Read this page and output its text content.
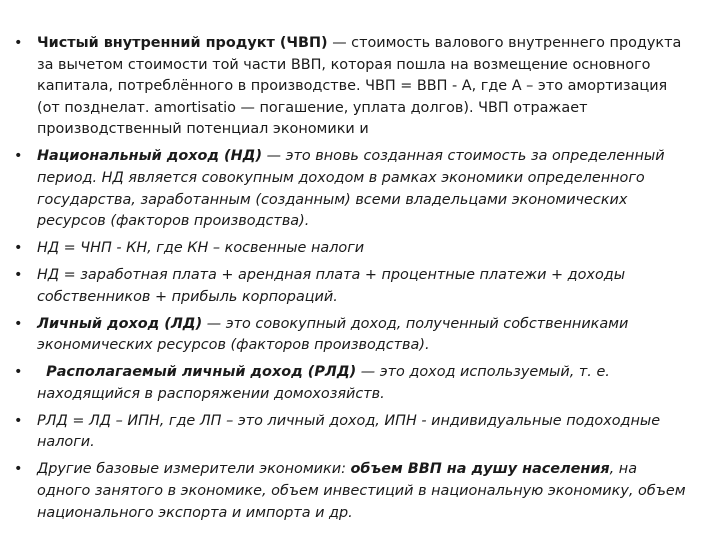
• Чистый внутренний продукт (ЧВП) — стоимость валового внутреннего продукта за вычетом стоимости той части ВВП, которая пошла на возмещение основного капитала, потреблённого в производстве. ЧВП = ВВП - А, где А – это амортизация (от позднелат. amortisatio — погашение, уплата долгов). ЧВП отражает производственный потенциал экономики и
• Национальный доход (НД) — это вновь созданная стоимость за определенный период. НД является совокупным доходом в рамках экономики определенного государства, заработанным (созданным) всеми владельцами экономических ресурсов (факторов производства).
• НД = ЧНП - КН, где КН – косвенные налоги
• НД = заработная плата + арендная плата + процентные платежи + доходы собственников + прибыль корпораций.
• Личный доход (ЛД) — это совокупный доход, полученный собственниками экономических ресурсов (факторов производства).
• Располагаемый личный доход (РЛД) — это доход используемый, т. е. находящийся в распоряжении домохозяйств.
• РЛД = ЛД – ИПН, где ЛП – это личный доход, ИПН - индивидуальные подоходные налоги.
• Другие базовые измерители экономики: объем ВВП на душу населения, на одного занятого в экономике, объем инвестиций в национальную экономику, объем национального экспорта и импорта и др.
